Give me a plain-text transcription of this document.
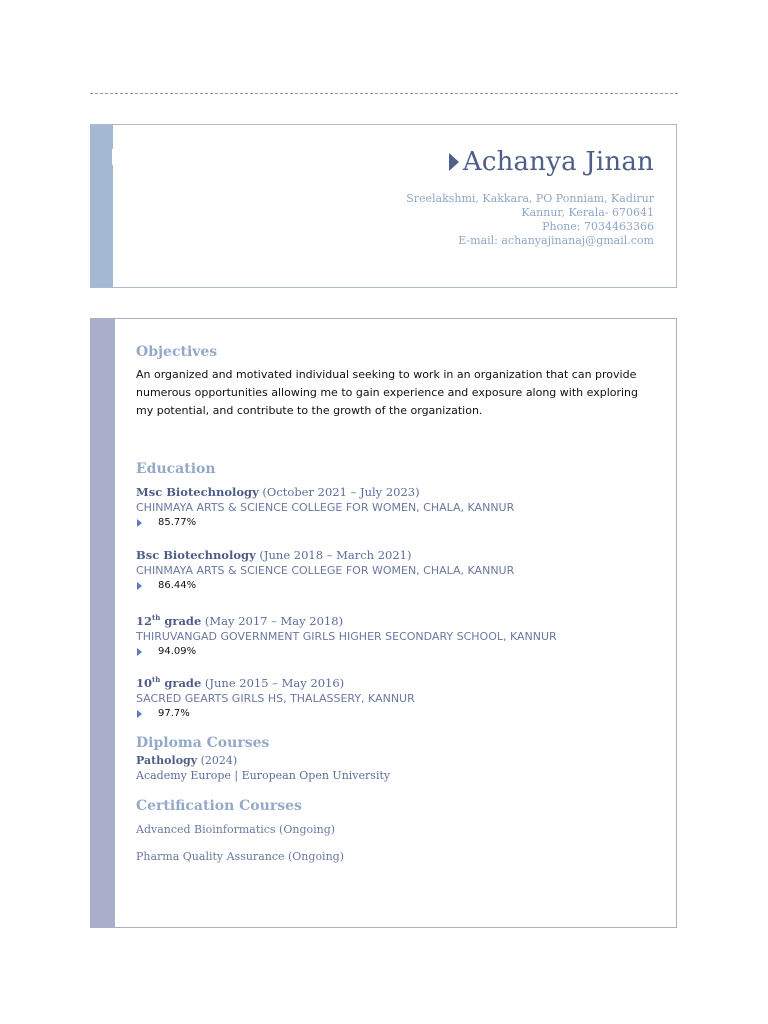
Achanya Jinan
Sreelakshmi, Kakkara, PO Ponniam, Kadirur
Kannur, Kerala- 670641
Phone: 7034463366
E-mail: achanyajinanaj@gmail.com
Objectives
An organized and motivated individual seeking to work in an organization that can provide numerous opportunities allowing me to gain experience and exposure along with exploring my potential, and contribute to the growth of the organization.
Education
Msc Biotechnology (October 2021 – July 2023)
CHINMAYA ARTS & SCIENCE COLLEGE FOR WOMEN, CHALA, KANNUR
85.77%
Bsc Biotechnology (June 2018 – March 2021)
CHINMAYA ARTS & SCIENCE COLLEGE FOR WOMEN, CHALA, KANNUR
86.44%
12th grade (May 2017 – May 2018)
THIRUVANGAD GOVERNMENT GIRLS HIGHER SECONDARY SCHOOL, KANNUR
94.09%
10th grade (June 2015 – May 2016)
SACRED GEARTS GIRLS HS, THALASSERY, KANNUR
97.7%
Diploma Courses
Pathology (2024)
Academy Europe | European Open University
Certification Courses
Advanced Bioinformatics (Ongoing)
Pharma Quality Assurance (Ongoing)
